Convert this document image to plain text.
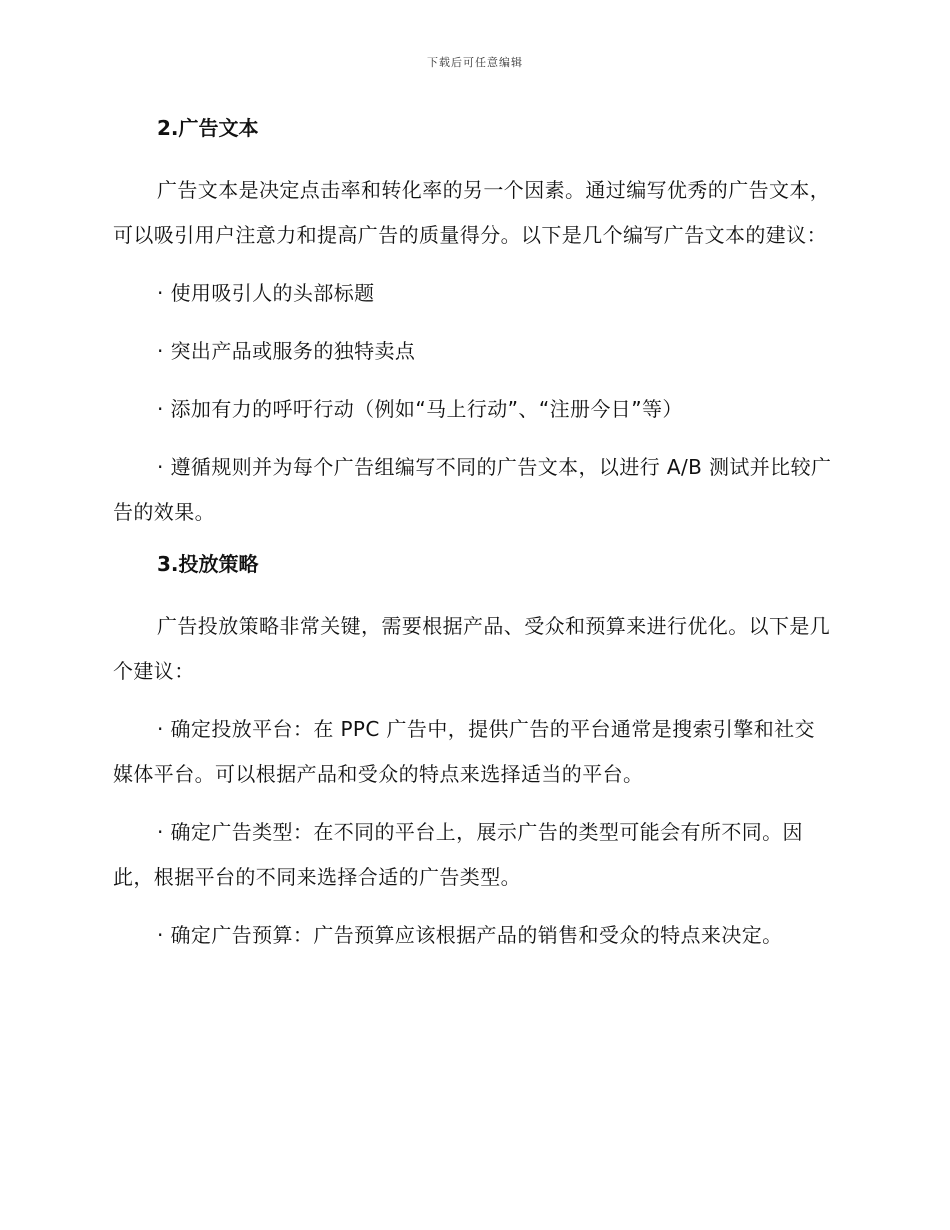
下载后可任意编辑
2.广告文本

广告文本是决定点击率和转化率的另一个因素。通过编写优秀的广告文本，可以吸引用户注意力和提高广告的质量得分。以下是几个编写广告文本的建议：

· 使用吸引人的头部标题

· 突出产品或服务的独特卖点

· 添加有力的呼吁行动（例如“马上行动”、“注册今日”等）

· 遵循规则并为每个广告组编写不同的广告文本，以进行 A/B 测试并比较广告的效果。

3.投放策略

广告投放策略非常关键，需要根据产品、受众和预算来进行优化。以下是几个建议：

· 确定投放平台：在 PPC 广告中，提供广告的平台通常是搜索引擎和社交媒体平台。可以根据产品和受众的特点来选择适当的平台。

· 确定广告类型：在不同的平台上，展示广告的类型可能会有所不同。因此，根据平台的不同来选择合适的广告类型。

· 确定广告预算：广告预算应该根据产品的销售和受众的特点来决定。
